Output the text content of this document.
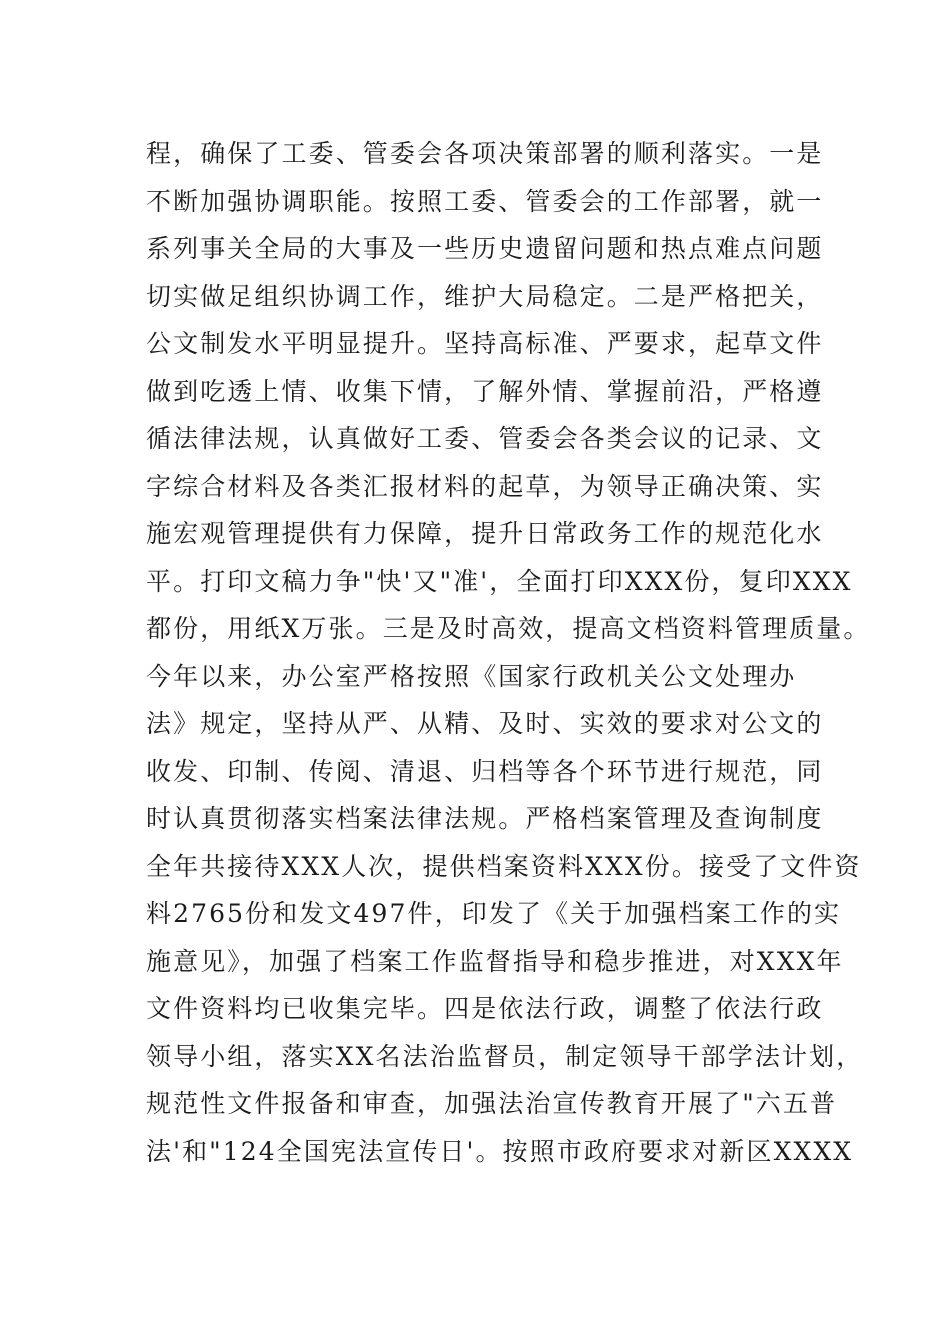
程，确保了工委、管委会各项决策部署的顺利落实。一是
不断加强协调职能。按照工委、管委会的工作部署，就一
系列事关全局的大事及一些历史遗留问题和热点难点问题
切实做足组织协调工作，维护大局稳定。二是严格把关，
公文制发水平明显提升。坚持高标准、严要求，起草文件
做到吃透上情、收集下情，了解外情、掌握前沿，严格遵
循法律法规，认真做好工委、管委会各类会议的记录、文
字综合材料及各类汇报材料的起草，为领导正确决策、实
施宏观管理提供有力保障，提升日常政务工作的规范化水
平。打印文稿力争"快'又"准'，全面打印XXX份，复印XXX
都份，用纸X万张。三是及时高效，提高文档资料管理质量。
今年以来，办公室严格按照《国家行政机关公文处理办
法》规定，坚持从严、从精、及时、实效的要求对公文的
收发、印制、传阅、清退、归档等各个环节进行规范，同
时认真贯彻落实档案法律法规。严格档案管理及查询制度
全年共接待XXX人次，提供档案资料XXX份。接受了文件资
料2765份和发文497件，印发了《关于加强档案工作的实
施意见》，加强了档案工作监督指导和稳步推进，对XXX年
文件资料均已收集完毕。四是依法行政，调整了依法行政
领导小组，落实XX名法治监督员，制定领导干部学法计划，
规范性文件报备和审查，加强法治宣传教育开展了"六五普
法'和"124全国宪法宣传日'。按照市政府要求对新区XXXX
